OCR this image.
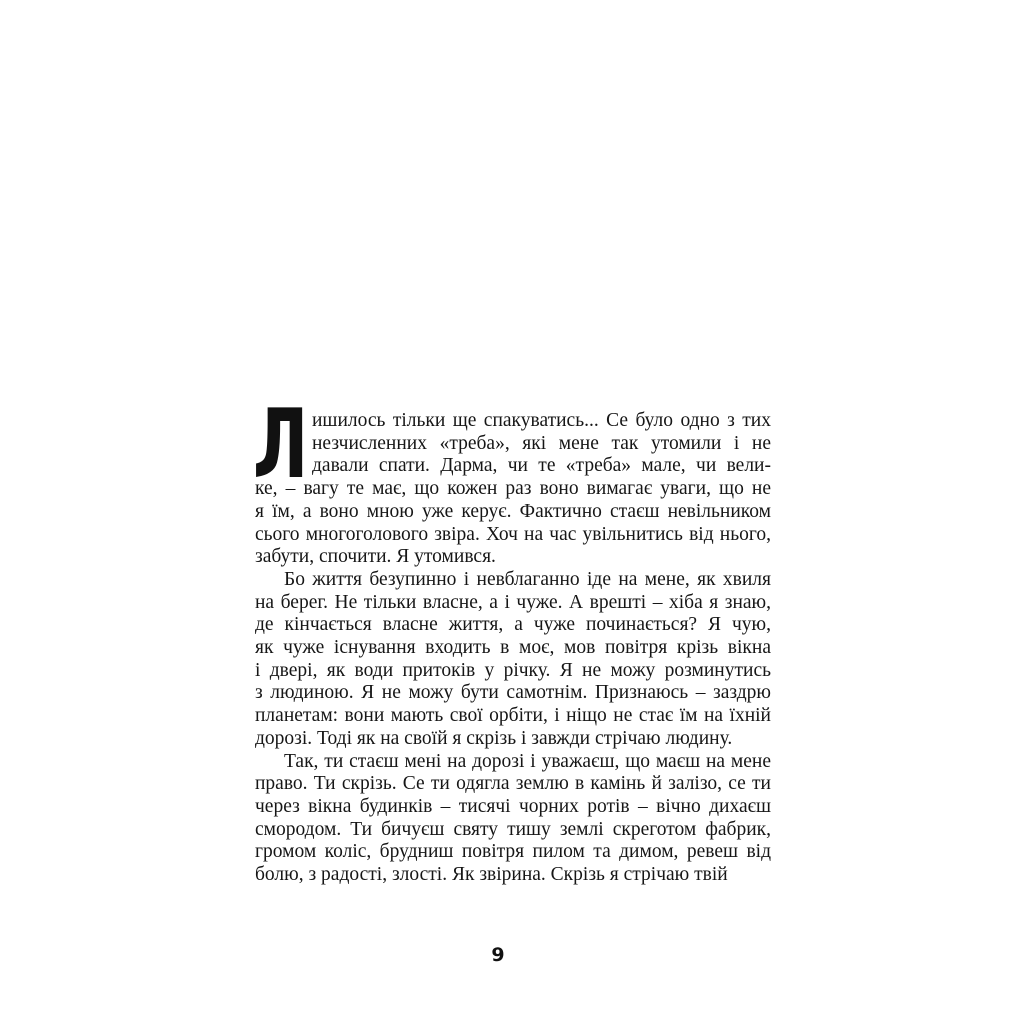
Л ишилось тільки ще спакуватись... Се було одно з тих
незчисленних «треба», які мене так утомили і не
давали спати. Дарма, чи те «треба» мале, чи вели-
ке, – вагу те має, що кожен раз воно вимагає уваги, що не
я їм, а воно мною уже керує. Фактично стаєш невільником
сього многоголового звіра. Хоч на час увільнитись від нього,
забути, спочити. Я утомився.
Бо життя безупинно і невблаганно іде на мене, як хвиля
на берег. Не тільки власне, а і чуже. А врешті – хіба я знаю,
де кінчається власне життя, а чуже починається? Я чую,
як чуже існування входить в моє, мов повітря крізь вікна
і двері, як води притоків у річку. Я не можу розминутись
з людиною. Я не можу бути самотнім. Признаюсь – заздрю
планетам: вони мають свої орбіти, і ніщо не стає їм на їхній
дорозі. Тоді як на своїй я скрізь і завжди стрічаю людину.
Так, ти стаєш мені на дорозі і уважаєш, що маєш на мене
право. Ти скрізь. Се ти одягла землю в камінь й залізо, се ти
через вікна будинків – тисячі чорних ротів – вічно дихаєш
смородом. Ти бичуєш святу тишу землі скреготом фабрик,
громом коліс, брудниш повітря пилом та димом, ревеш від
болю, з радості, злості. Як звірина. Скрізь я стрічаю твій
9
